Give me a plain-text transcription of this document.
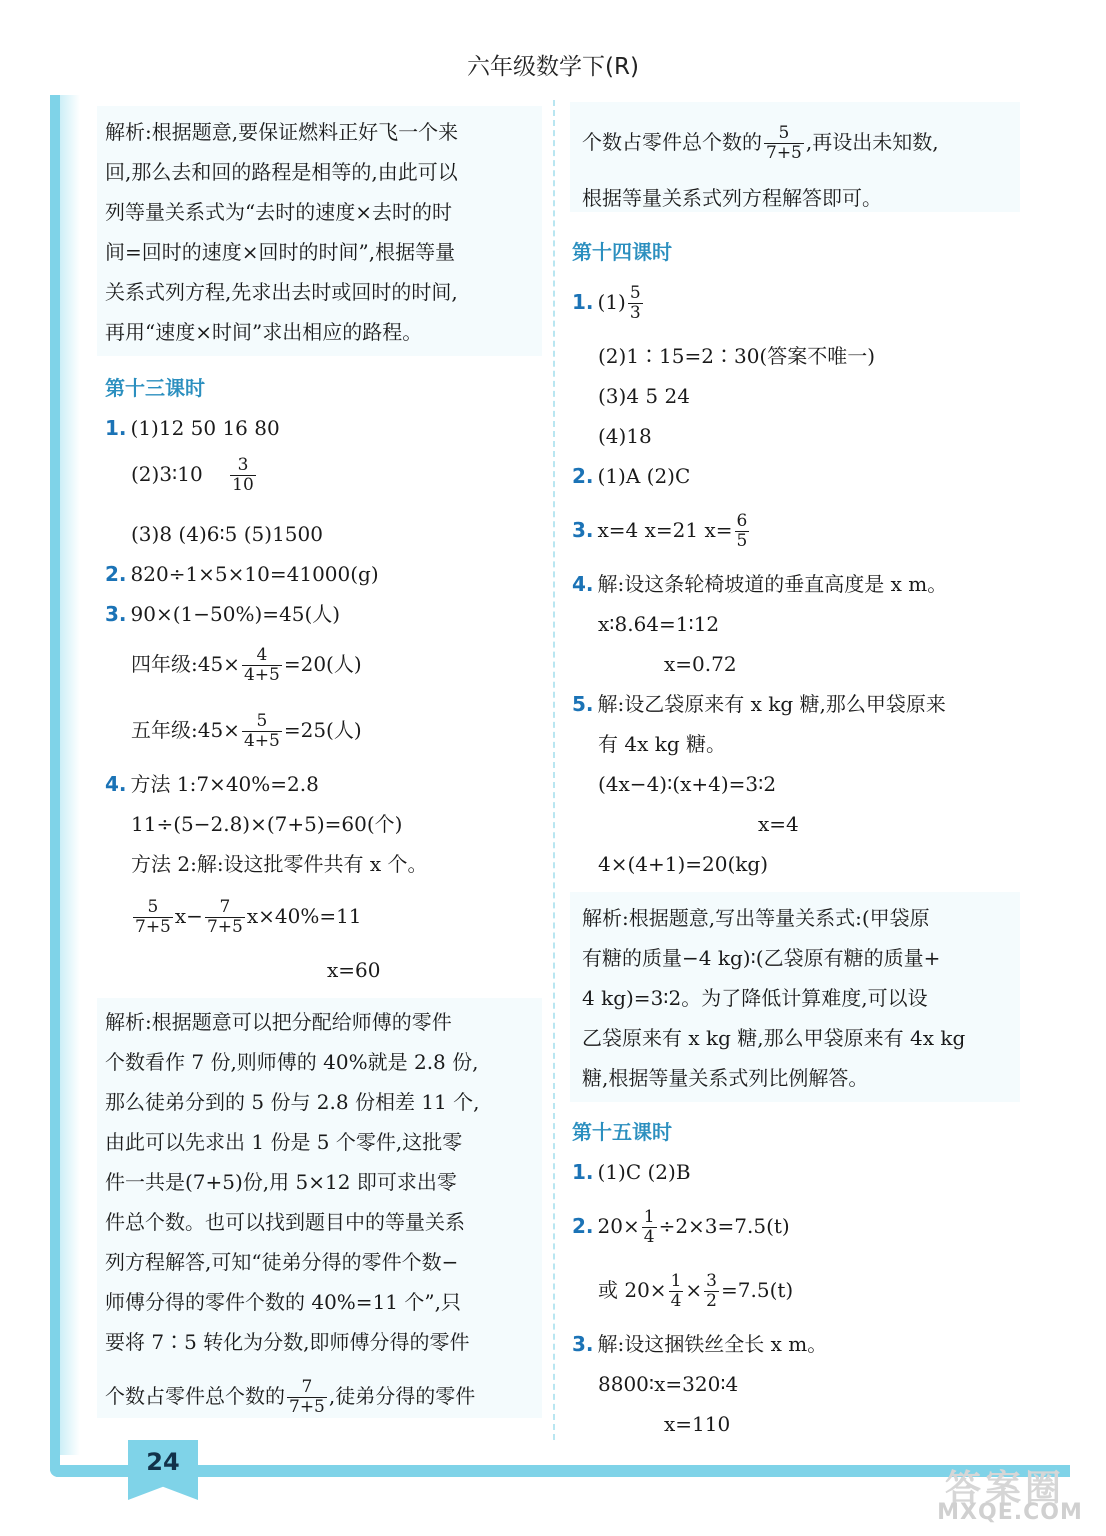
六年级数学下(R)
解析:根据题意,要保证燃料正好飞一个来
回,那么去和回的路程是相等的,由此可以
列等量关系式为“去时的速度×去时的时
间=回时的速度×回时的时间”,根据等量
关系式列方程,先求出去时或回时的时间,
再用“速度×时间”求出相应的路程。
第十三课时
1. (1)12 50 16 80
(2)3∶10 $\frac{3}{10}$
(3)8 (4)6∶5 (5)1500
2. 820÷1×5×10=41000(g)
3. 90×(1−50%)=45(人)
四年级:45× $\frac{4}{4+5} =20$(人)
五年级:45× $\frac{5}{4+5} =25$(人)
4. 方法 1:7×40%=2.8
11÷(5−2.8)×(7+5)=60(个)
方法 2:解:设这批零件共有 x 个。
$\frac{5}{7+5} x- \frac{7}{7+5} x\times 40\%=11$
x=60
解析:根据题意可以把分配给师傅的零件
个数看作 7 份,则师傅的 40%就是 2.8 份,
那么徒弟分到的 5 份与 2.8 份相差 11 个,
由此可以先求出 1 份是 5 个零件,这批零
件一共是(7+5)份,用 5×12 即可求出零
件总个数。也可以找到题目中的等量关系
列方程解答,可知“徒弟分得的零件个数−
师傅分得的零件个数的 40%=11 个”,只
要将 7∶5 转化为分数,即师傅分得的零件
个数占零件总个数的 $\frac{7}{7+5}$ ,徒弟分得的零件
个数占零件总个数的 $\frac{5}{7+5}$ ,再设出未知数,
根据等量关系式列方程解答即可。
第十四课时
1. $(1) \frac{5}{3}$
(2)1∶15=2∶30(答案不唯一)
(3)4 5 24
(4)18
2. (1)A (2)C
3. x=4 x=21 $x= \frac{6}{5}$
4. 解:设这条轮椅坡道的垂直高度是 x m。
x∶8.64=1∶12
x=0.72
5. 解:设乙袋原来有 x kg 糖,那么甲袋原来
有 4x kg 糖。
(4x−4)∶(x+4)=3∶2
x=4
4×(4+1)=20(kg)
解析:根据题意,写出等量关系式:(甲袋原
有糖的质量−4 kg)∶(乙袋原有糖的质量+
4 kg)=3∶2。为了降低计算难度,可以设
乙袋原来有 x kg 糖,那么甲袋原来有 4x kg
糖,根据等量关系式列比例解答。
第十五课时
1. (1)C (2)B
2. $20\times \frac{1}{4} \div 2\times 3=7.5(t)$
或 $20\times \frac{1}{4} \times \frac{3}{2} =7.5(t)$
3. 解:设这捆铁丝全长 x m。
8800∶x=320∶4
x=110
24
答案圈
MXQE.COM
